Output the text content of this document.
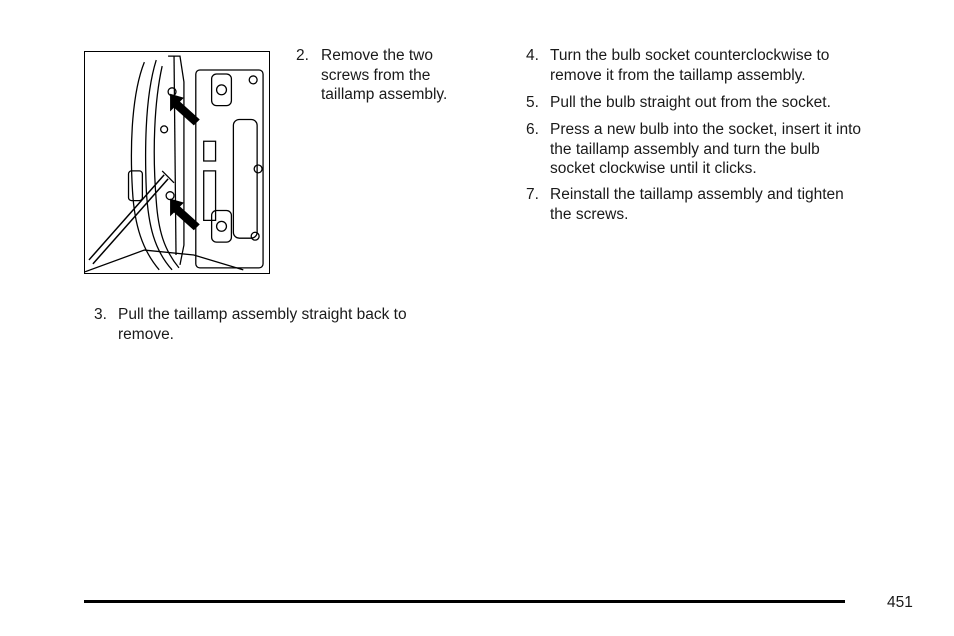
2. Remove the two
screws from the
taillamp assembly.
3. Pull the taillamp assembly straight back to
remove.
4. Turn the bulb socket counterclockwise to
remove it from the taillamp assembly.
5. Pull the bulb straight out from the socket.
6. Press a new bulb into the socket, insert it into
the taillamp assembly and turn the bulb
socket clockwise until it clicks.
7. Reinstall the taillamp assembly and tighten
the screws.
451
